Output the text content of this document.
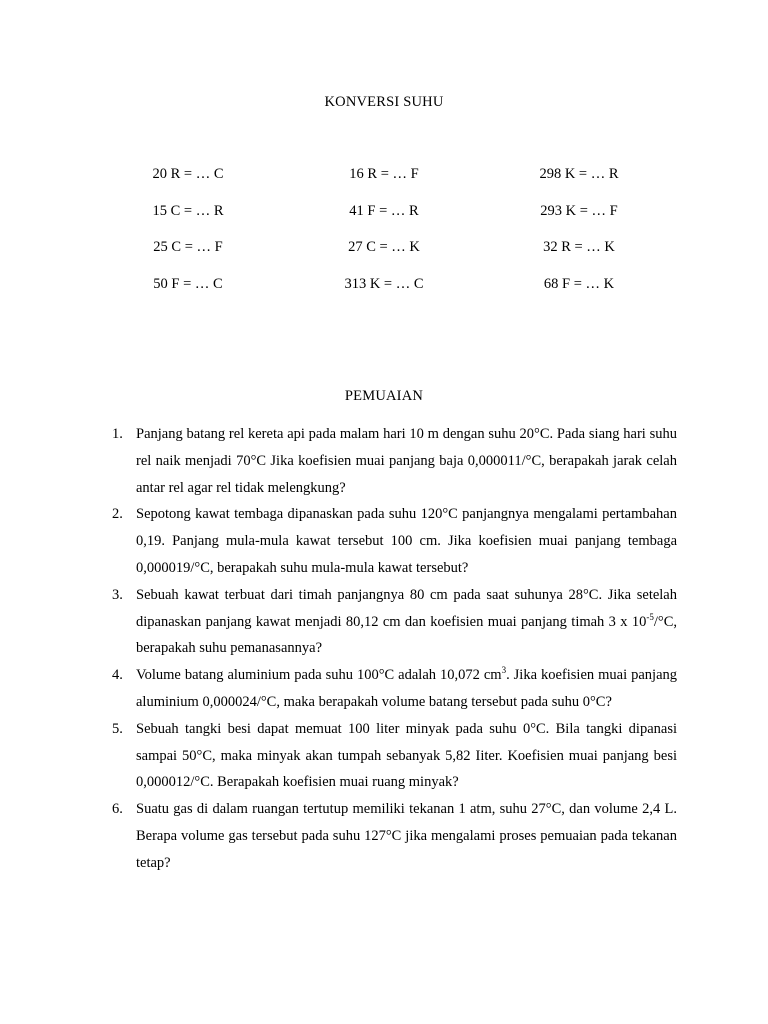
KONVERSI SUHU
20 R = … C	16 R = … F	298 K = … R
15 C = … R	41 F = … R	293 K = … F
25 C = … F	27 C = … K	32 R = … K
50 F = … C	313 K = … C	68 F = … K
PEMUAIAN
1. Panjang batang rel kereta api pada malam hari 10 m dengan suhu 20°C. Pada siang hari suhu rel naik menjadi 70°C Jika koefisien muai panjang baja 0,000011/°C, berapakah jarak celah antar rel agar rel tidak melengkung?
2. Sepotong kawat tembaga dipanaskan pada suhu 120°C panjangnya mengalami pertambahan 0,19. Panjang mula-mula kawat tersebut 100 cm. Jika koefisien muai panjang tembaga 0,000019/°C, berapakah suhu mula-mula kawat tersebut?
3. Sebuah kawat terbuat dari timah panjangnya 80 cm pada saat suhunya 28°C. Jika setelah dipanaskan panjang kawat menjadi 80,12 cm dan koefisien muai panjang timah 3 x $10^{-5}/^\circ C$, berapakah suhu pemanasannya?
4. Volume batang aluminium pada suhu 100°C adalah 10,072 $cm^3$. Jika koefisien muai panjang aluminium 0,000024/°C, maka berapakah volume batang tersebut pada suhu 0°C?
5. Sebuah tangki besi dapat memuat 100 liter minyak pada suhu 0°C. Bila tangki dipanasi sampai 50°C, maka minyak akan tumpah sebanyak 5,82 Iiter. Koefisien muai panjang besi 0,000012/°C. Berapakah koefisien muai ruang minyak?
6. Suatu gas di dalam ruangan tertutup memiliki tekanan 1 atm, suhu 27°C, dan volume 2,4 L. Berapa volume gas tersebut pada suhu 127°C jika mengalami proses pemuaian pada tekanan tetap?
